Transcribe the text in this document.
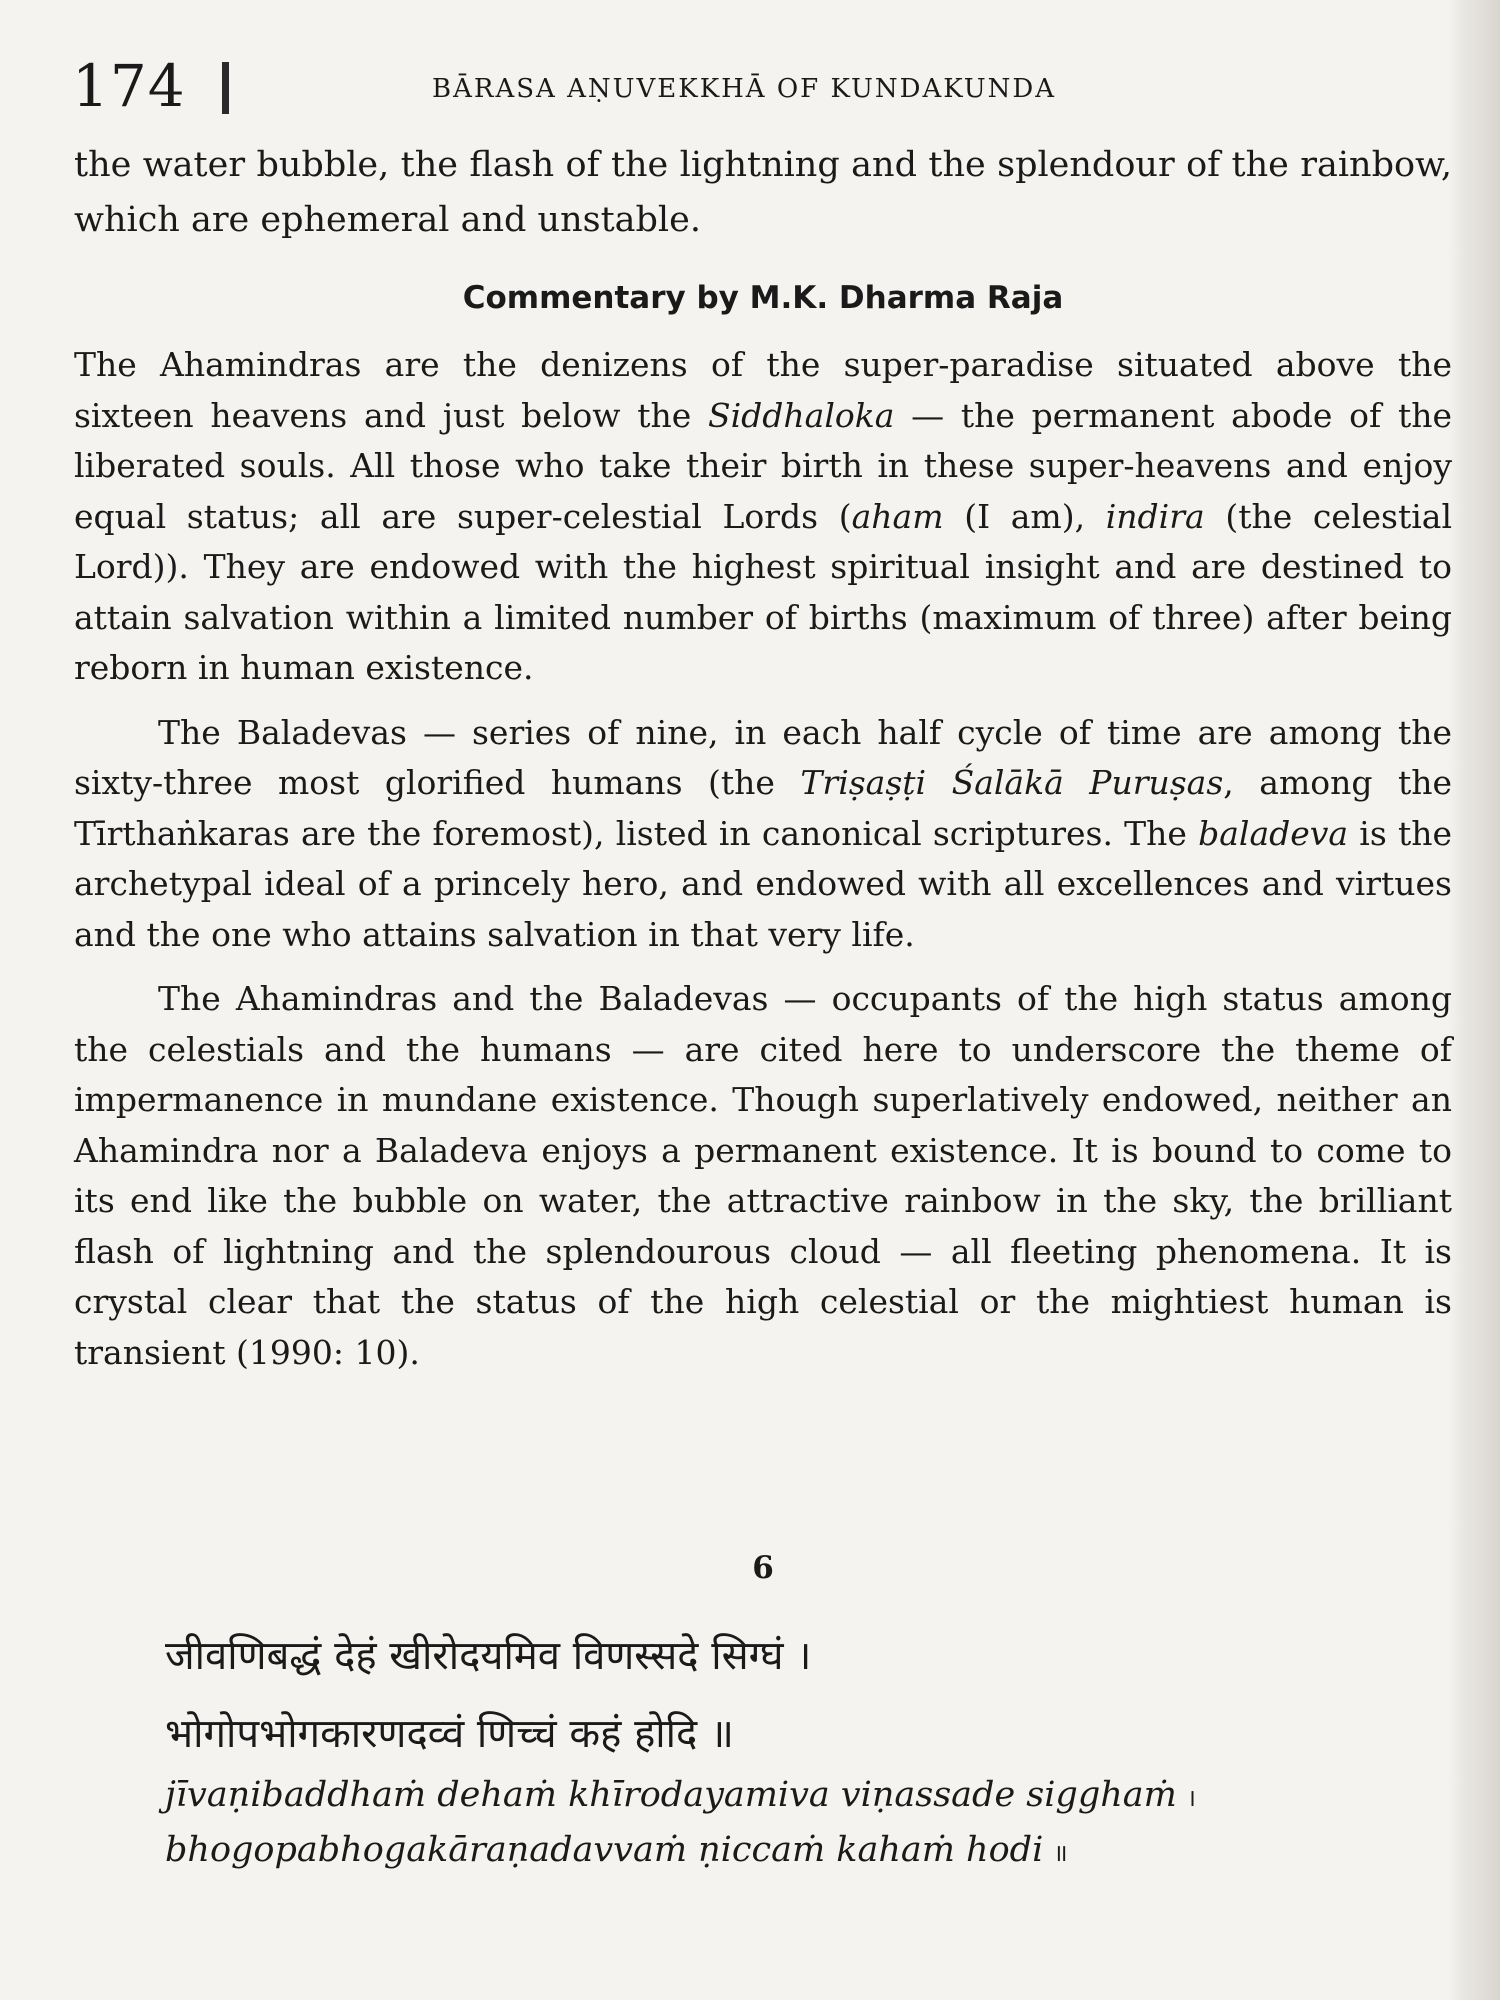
174	BĀRASA AṆUVEKKHĀ OF KUNDAKUNDA

the water bubble, the flash of the lightning and the splendour of the rainbow, which are ephemeral and unstable.

Commentary by M.K. Dharma Raja

The Ahamindras are the denizens of the super-paradise situated above the sixteen heavens and just below the Siddhaloka — the permanent abode of the liberated souls. All those who take their birth in these super-heavens and enjoy equal status; all are super-celestial Lords (aham (I am), indira (the celestial Lord)). They are endowed with the highest spiritual insight and are destined to attain salvation within a limited number of births (maximum of three) after being reborn in human existence.

The Baladevas — series of nine, in each half cycle of time are among the sixty-three most glorified humans (the Triṣaṣṭi Śalākā Puruṣas, among the Tīrthaṅkaras are the foremost), listed in canonical scriptures. The baladeva is the archetypal ideal of a princely hero, and endowed with all excellences and virtues and the one who attains salvation in that very life.

The Ahamindras and the Baladevas — occupants of the high status among the celestials and the humans — are cited here to underscore the theme of impermanence in mundane existence. Though superlatively endowed, neither an Ahamindra nor a Baladeva enjoys a permanent existence. It is bound to come to its end like the bubble on water, the attractive rainbow in the sky, the brilliant flash of lightning and the splendourous cloud — all fleeting phenomena. It is crystal clear that the status of the high celestial or the mightiest human is transient (1990: 10).

6
जीवणिबद्धं देहं खीरोदयमिव विणस्सदे सिग्घं ।
भोगोपभोगकारणदव्वं णिच्चं कहं होदि ॥
jīvaṇibaddhaṁ dehaṁ khīrodayamiva viṇassade sigghaṁ ।
bhogopabhogakāraṇadavvaṁ ṇiccaṁ kahaṁ hodi ॥
